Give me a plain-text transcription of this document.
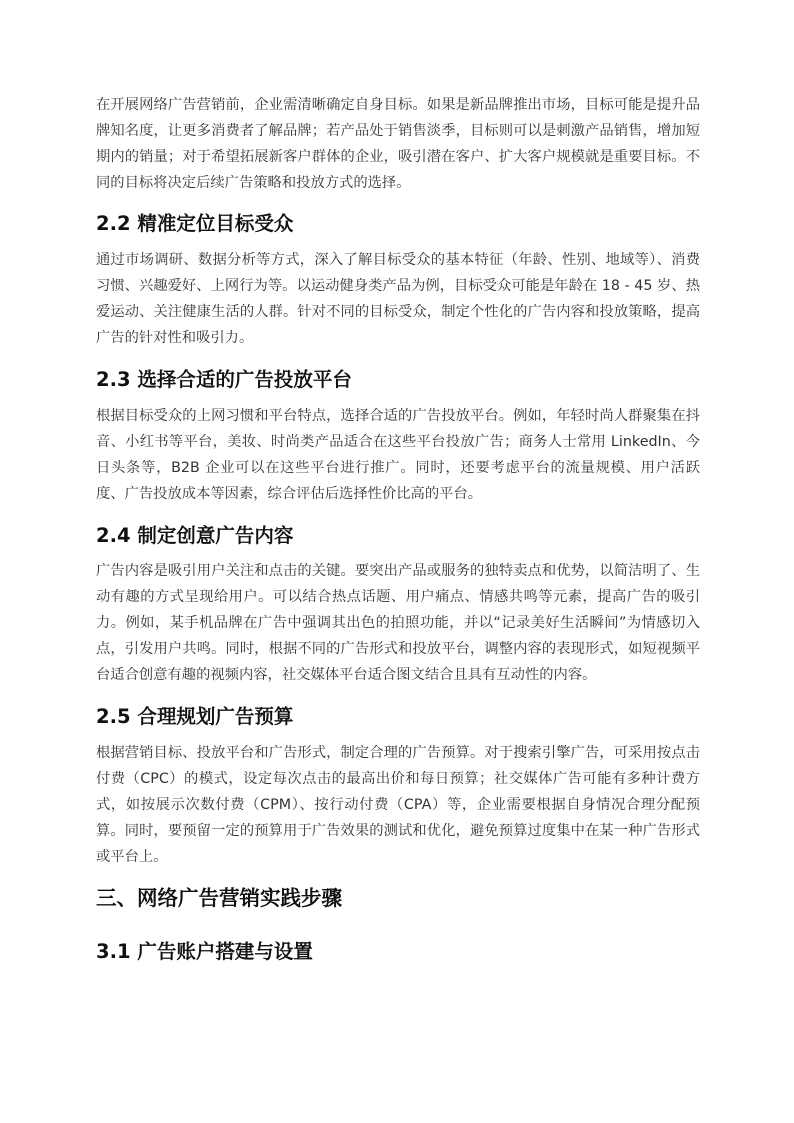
在开展网络广告营销前，企业需清晰确定自身目标。如果是新品牌推出市场，目标可能是提升品牌知名度，让更多消费者了解品牌；若产品处于销售淡季，目标则可以是刺激产品销售，增加短期内的销量；对于希望拓展新客户群体的企业，吸引潜在客户、扩大客户规模就是重要目标。不同的目标将决定后续广告策略和投放方式的选择。

2.2 精准定位目标受众

通过市场调研、数据分析等方式，深入了解目标受众的基本特征（年龄、性别、地域等）、消费习惯、兴趣爱好、上网行为等。以运动健身类产品为例，目标受众可能是年龄在 18 - 45 岁、热爱运动、关注健康生活的人群。针对不同的目标受众，制定个性化的广告内容和投放策略，提高广告的针对性和吸引力。

2.3 选择合适的广告投放平台

根据目标受众的上网习惯和平台特点，选择合适的广告投放平台。例如，年轻时尚人群聚集在抖音、小红书等平台，美妆、时尚类产品适合在这些平台投放广告；商务人士常用 LinkedIn、今日头条等，B2B 企业可以在这些平台进行推广。同时，还要考虑平台的流量规模、用户活跃度、广告投放成本等因素，综合评估后选择性价比高的平台。

2.4 制定创意广告内容

广告内容是吸引用户关注和点击的关键。要突出产品或服务的独特卖点和优势，以简洁明了、生动有趣的方式呈现给用户。可以结合热点话题、用户痛点、情感共鸣等元素，提高广告的吸引力。例如，某手机品牌在广告中强调其出色的拍照功能，并以“记录美好生活瞬间”为情感切入点，引发用户共鸣。同时，根据不同的广告形式和投放平台，调整内容的表现形式，如短视频平台适合创意有趣的视频内容，社交媒体平台适合图文结合且具有互动性的内容。

2.5 合理规划广告预算

根据营销目标、投放平台和广告形式，制定合理的广告预算。对于搜索引擎广告，可采用按点击付费（CPC）的模式，设定每次点击的最高出价和每日预算；社交媒体广告可能有多种计费方式，如按展示次数付费（CPM）、按行动付费（CPA）等，企业需要根据自身情况合理分配预算。同时，要预留一定的预算用于广告效果的测试和优化，避免预算过度集中在某一种广告形式或平台上。

三、网络广告营销实践步骤
3.1 广告账户搭建与设置
